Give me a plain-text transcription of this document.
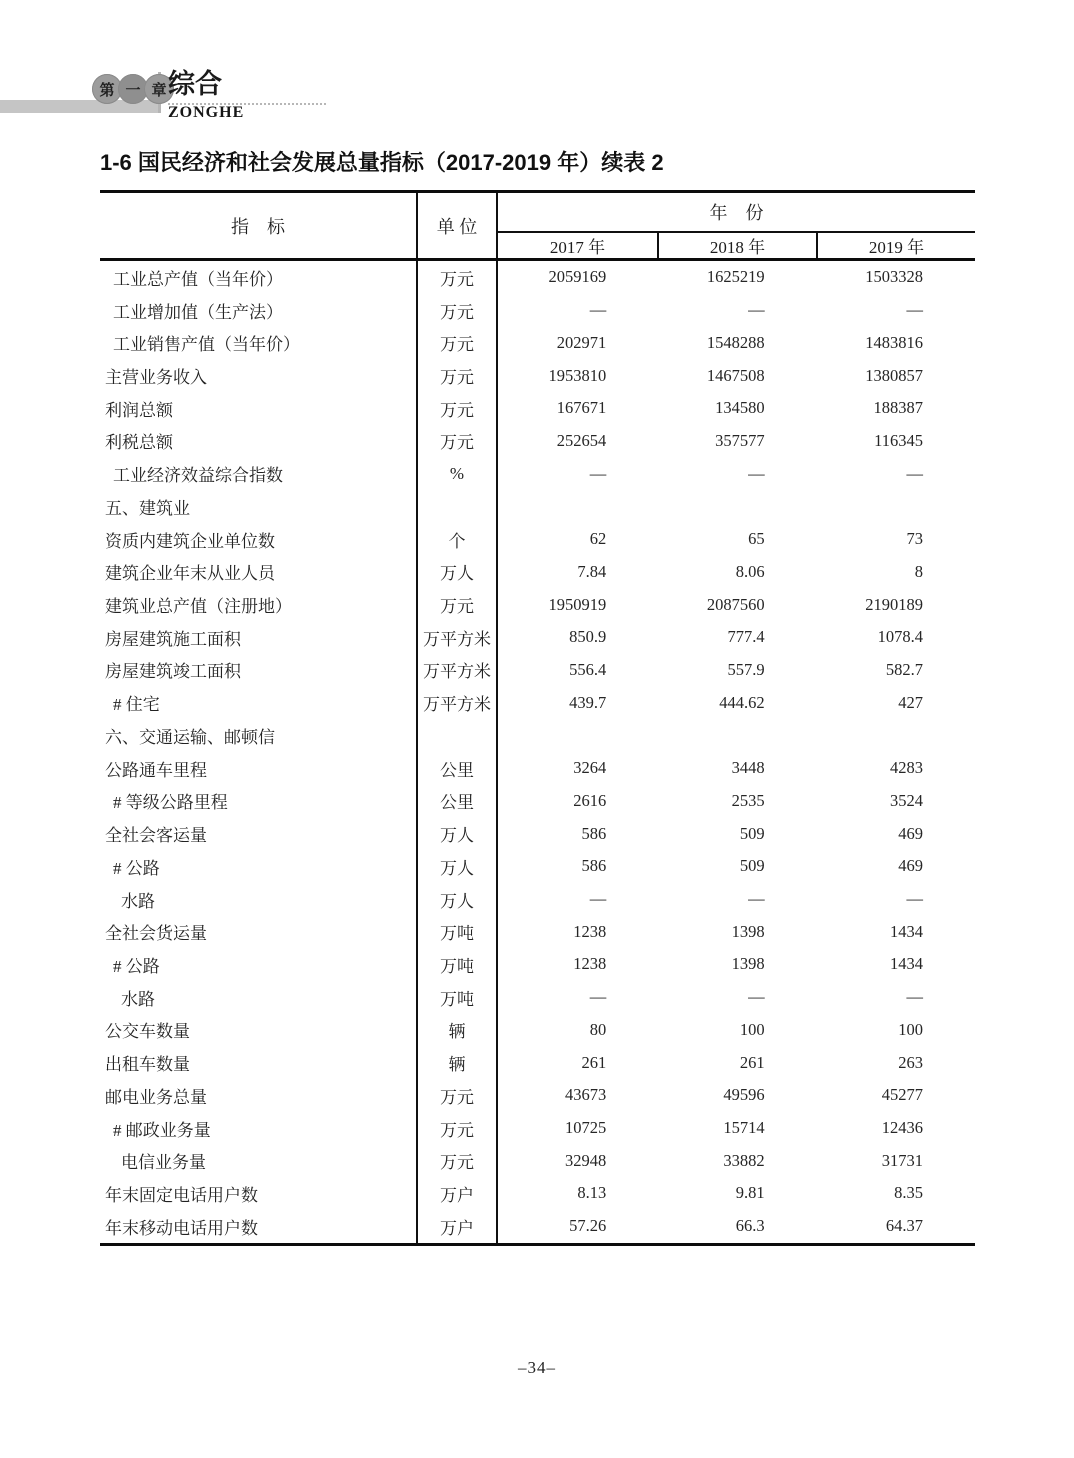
第 一 章 综合
ZONGHE
1-6 国民经济和社会发展总量指标（2017-2019 年）续表 2
指　标	单 位
年　份
2017 年	2018 年	2019 年
工业总产值（当年价）	万元	2059169	1625219	1503328
工业增加值（生产法）	万元	—	—	—
工业销售产值（当年价）	万元	202971	1548288	1483816
主营业务收入	万元	1953810	1467508	1380857
利润总额	万元	167671	134580	188387
利税总额	万元	252654	357577	116345
工业经济效益综合指数	%	—	—	—
五、建筑业
资质内建筑企业单位数	个	62	65	73
建筑企业年末从业人员	万人	7.84	8.06	8
建筑业总产值（注册地）	万元	1950919	2087560	2190189
房屋建筑施工面积	万平方米	850.9	777.4	1078.4
房屋建筑竣工面积	万平方米	556.4	557.9	582.7
# 住宅	万平方米	439.7	444.62	427
六、交通运输、邮顿信
公路通车里程	公里	3264	3448	4283
# 等级公路里程	公里	2616	2535	3524
全社会客运量	万人	586	509	469
# 公路	万人	586	509	469
水路	万人	—	—	—
全社会货运量	万吨	1238	1398	1434
# 公路	万吨	1238	1398	1434
水路	万吨	—	—	—
公交车数量	辆	80	100	100
出租车数量	辆	261	261	263
邮电业务总量	万元	43673	49596	45277
# 邮政业务量	万元	10725	15714	12436
电信业务量	万元	32948	33882	31731
年末固定电话用户数	万户	8.13	9.81	8.35
年末移动电话用户数	万户	57.26	66.3	64.37
–34–
